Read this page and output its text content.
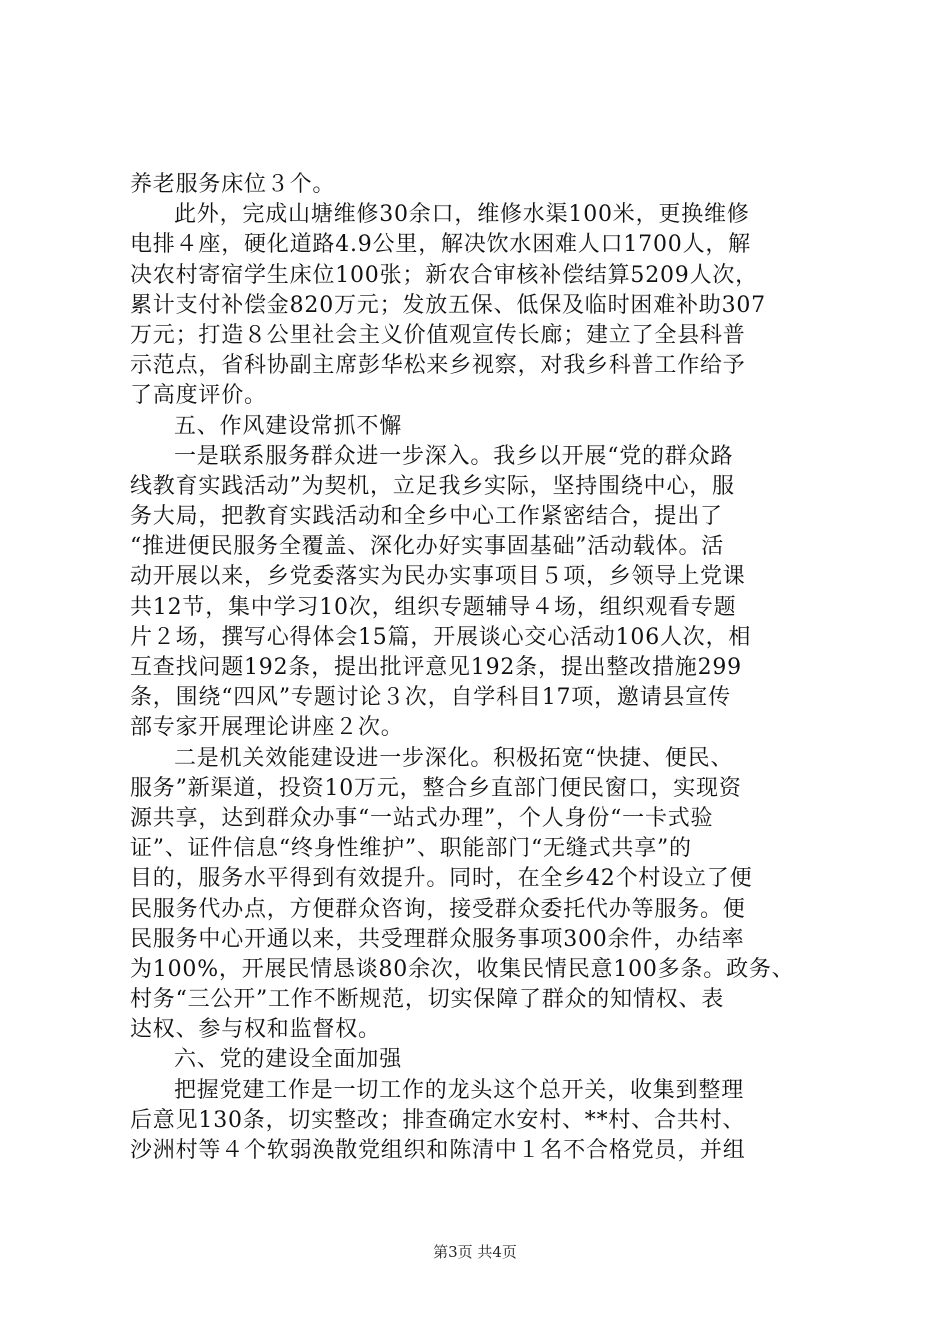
养老服务床位３个。
此外，完成山塘维修30余口，维修水渠100米，更换维修
电排４座，硬化道路4.9公里，解决饮水困难人口1700人，解
决农村寄宿学生床位100张；新农合审核补偿结算5209人次，
累计支付补偿金820万元；发放五保、低保及临时困难补助307
万元；打造８公里社会主义价值观宣传长廊；建立了全县科普
示范点，省科协副主席彭华松来乡视察，对我乡科普工作给予
了高度评价。
五、作风建设常抓不懈
一是联系服务群众进一步深入。我乡以开展“党的群众路
线教育实践活动”为契机，立足我乡实际，坚持围绕中心，服
务大局，把教育实践活动和全乡中心工作紧密结合，提出了
“推进便民服务全覆盖、深化办好实事固基础”活动载体。活
动开展以来，乡党委落实为民办实事项目５项，乡领导上党课
共12节，集中学习10次，组织专题辅导４场，组织观看专题
片２场，撰写心得体会15篇，开展谈心交心活动106人次，相
互查找问题192条，提出批评意见192条，提出整改措施299
条，围绕“四风”专题讨论３次，自学科目17项，邀请县宣传
部专家开展理论讲座２次。
二是机关效能建设进一步深化。积极拓宽“快捷、便民、
服务”新渠道，投资10万元，整合乡直部门便民窗口，实现资
源共享，达到群众办事“一站式办理”，个人身份“一卡式验
证”、证件信息“终身性维护”、职能部门“无缝式共享”的
目的，服务水平得到有效提升。同时，在全乡42个村设立了便
民服务代办点，方便群众咨询，接受群众委托代办等服务。便
民服务中心开通以来，共受理群众服务事项300余件，办结率
为100%，开展民情恳谈80余次，收集民情民意100多条。政务、
村务“三公开”工作不断规范，切实保障了群众的知情权、表
达权、参与权和监督权。
六、党的建设全面加强
把握党建工作是一切工作的龙头这个总开关，收集到整理
后意见130条，切实整改；排查确定水安村、**村、合共村、
沙洲村等４个软弱涣散党组织和陈清中１名不合格党员，并组
第3页 共4页
